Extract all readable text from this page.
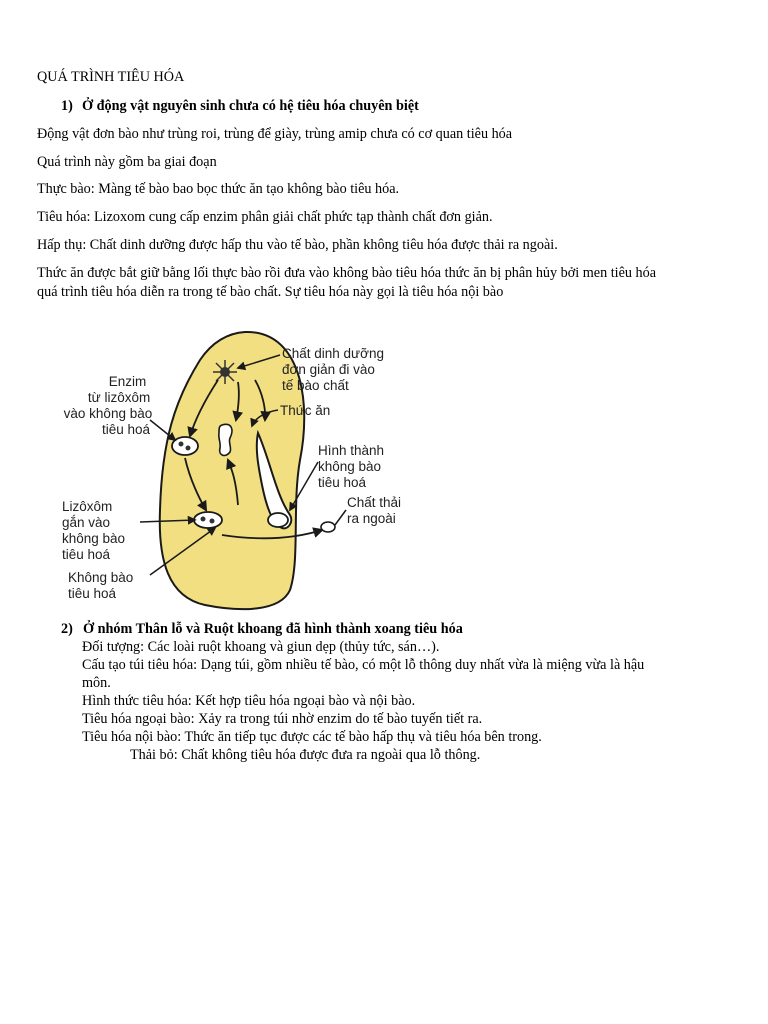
QUÁ TRÌNH TIÊU HÓA
1) Ở động vật nguyên sinh chưa có hệ tiêu hóa chuyên biệt
Động vật đơn bào như trùng roi, trùng để giày, trùng amip chưa có cơ quan tiêu hóa
Quá trình này gồm ba giai đoạn
Thực bào: Màng tế bào bao bọc thức ăn tạo không bào tiêu hóa.
Tiêu hóa: Lizoxom cung cấp enzim phân giải chất phức tạp thành chất đơn giản.
Hấp thụ: Chất dinh dưỡng được hấp thu vào tế bào, phần không tiêu hóa được thải ra ngoài.
Thức ăn được bắt giữ bằng lối thực bào rồi đưa vào không bào tiêu hóa thức ăn bị phân hủy bởi men tiêu hóa
quá trình tiêu hóa diễn ra trong tế bào chất. Sự tiêu hóa này gọi là tiêu hóa nội bào
Chất dinh dưỡng đơn giản đi vào tế bào chất
Thức ăn
Hình thành không bào tiêu hoá
Chất thải ra ngoài
Enzim từ lizôxôm vào không bào tiêu hoá
Lizôxôm gắn vào không bào tiêu hoá
Không bào tiêu hoá
2) Ở nhóm Thân lỗ và Ruột khoang đã hình thành xoang tiêu hóa
Đối tượng: Các loài ruột khoang và giun dẹp (thủy tức, sán…).
Cấu tạo túi tiêu hóa: Dạng túi, gồm nhiều tế bào, có một lỗ thông duy nhất vừa là miệng vừa là hậu
môn.
Hình thức tiêu hóa: Kết hợp tiêu hóa ngoại bào và nội bào.
Tiêu hóa ngoại bào: Xảy ra trong túi nhờ enzim do tế bào tuyến tiết ra.
Tiêu hóa nội bào: Thức ăn tiếp tục được các tế bào hấp thụ và tiêu hóa bên trong.
Thải bỏ: Chất không tiêu hóa được đưa ra ngoài qua lỗ thông.
